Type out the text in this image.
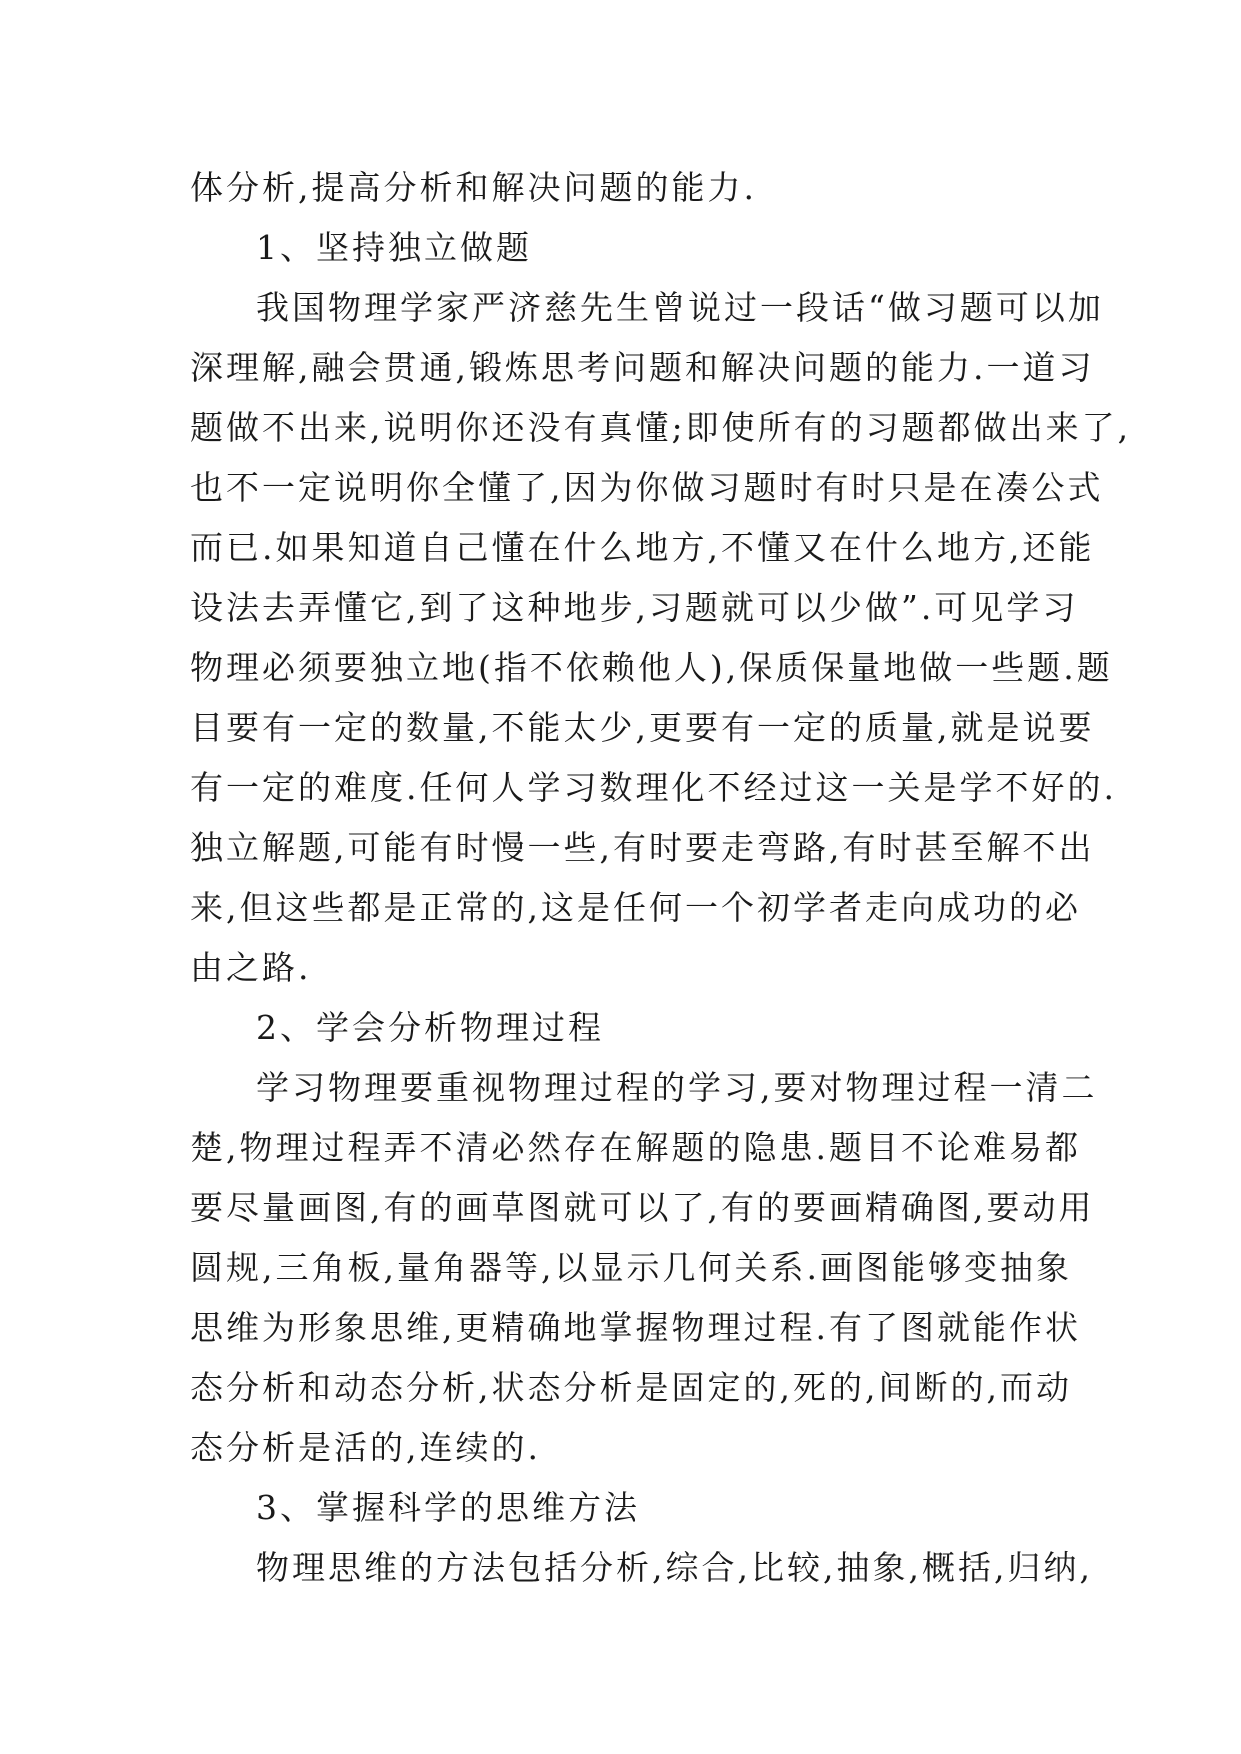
体分析,提高分析和解决问题的能力.
1、坚持独立做题
我国物理学家严济慈先生曾说过一段话“做习题可以加
深理解,融会贯通,锻炼思考问题和解决问题的能力.一道习
题做不出来,说明你还没有真懂;即使所有的习题都做出来了,
也不一定说明你全懂了,因为你做习题时有时只是在凑公式
而已.如果知道自己懂在什么地方,不懂又在什么地方,还能
设法去弄懂它,到了这种地步,习题就可以少做”.可见学习
物理必须要独立地(指不依赖他人),保质保量地做一些题.题
目要有一定的数量,不能太少,更要有一定的质量,就是说要
有一定的难度.任何人学习数理化不经过这一关是学不好的.
独立解题,可能有时慢一些,有时要走弯路,有时甚至解不出
来,但这些都是正常的,这是任何一个初学者走向成功的必
由之路.
2、学会分析物理过程
学习物理要重视物理过程的学习,要对物理过程一清二
楚,物理过程弄不清必然存在解题的隐患.题目不论难易都
要尽量画图,有的画草图就可以了,有的要画精确图,要动用
圆规,三角板,量角器等,以显示几何关系.画图能够变抽象
思维为形象思维,更精确地掌握物理过程.有了图就能作状
态分析和动态分析,状态分析是固定的,死的,间断的,而动
态分析是活的,连续的.
3、掌握科学的思维方法
物理思维的方法包括分析,综合,比较,抽象,概括,归纳,
